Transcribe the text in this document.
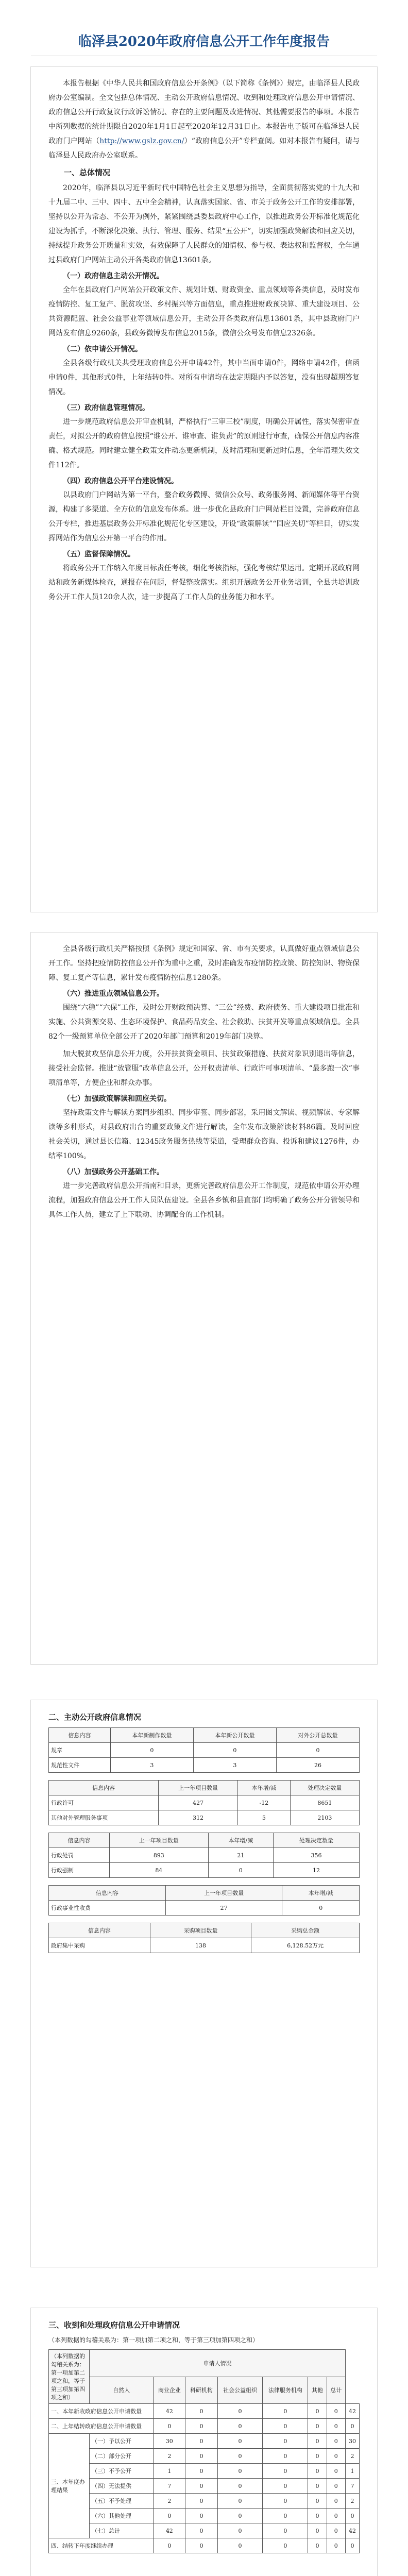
临泽县2020年政府信息公开工作年度报告

本报告根据《中华人民共和国政府信息公开条例》（以下简称《条例》）规定，由临泽县人民政府办公室编制。全文包括总体情况、主动公开政府信息情况、收到和处理政府信息公开申请情况、政府信息公开行政复议行政诉讼情况、存在的主要问题及改进情况、其他需要报告的事项。本报告中所列数据的统计期限自2020年1月1日起至2020年12月31日止。本报告电子版可在临泽县人民政府门户网站（http://www.gslz.gov.cn/）“政府信息公开”专栏查阅。如对本报告有疑问，请与临泽县人民政府办公室联系。

一、总体情况

2020年，临泽县以习近平新时代中国特色社会主义思想为指导，全面贯彻落实党的十九大和十九届二中、三中、四中、五中全会精神，认真落实国家、省、市关于政务公开工作的安排部署，坚持以公开为常态、不公开为例外，紧紧围绕县委县政府中心工作，以推进政务公开标准化规范化建设为抓手，不断深化决策、执行、管理、服务、结果“五公开”，切实加强政策解读和回应关切，持续提升政务公开质量和实效，有效保障了人民群众的知情权、参与权、表达权和监督权，全年通过县政府门户网站主动公开各类政府信息13601条。

（一）政府信息主动公开情况。

全年在县政府门户网站公开政策文件、规划计划、财政资金、重点领域等各类信息，及时发布疫情防控、复工复产、脱贫攻坚、乡村振兴等方面信息，重点推进财政预决算、重大建设项目、公共资源配置、社会公益事业等领域信息公开，主动公开各类政府信息13601条，其中县政府门户网站发布信息9260条，县政务微博发布信息2015条，微信公众号发布信息2326条。

（二）依申请公开情况。

全县各级行政机关共受理政府信息公开申请42件，其中当面申请0件，网络申请42件，信函申请0件，其他形式0件，上年结转0件。对所有申请均在法定期限内予以答复，没有出现超期答复情况。

（三）政府信息管理情况。

进一步规范政府信息公开审查机制，严格执行“三审三校”制度，明确公开属性，落实保密审查责任，对拟公开的政府信息按照“谁公开、谁审查、谁负责”的原则进行审查，确保公开信息内容准确、格式规范。同时建立健全政策文件动态更新机制，及时清理和更新过时信息，全年清理失效文件112件。

（四）政府信息公开平台建设情况。

以县政府门户网站为第一平台，整合政务微博、微信公众号、政务服务网、新闻媒体等平台资源，构建了多渠道、全方位的信息发布体系。进一步优化县政府门户网站栏目设置，完善政府信息公开专栏，推进基层政务公开标准化规范化专区建设，开设“政策解读”“回应关切”等栏目，切实发挥网站作为信息公开第一平台的作用。

（五）监督保障情况。

将政务公开工作纳入年度目标责任考核，细化考核指标，强化考核结果运用。定期开展政府网站和政务新媒体检查，通报存在问题，督促整改落实。组织开展政务公开业务培训，全县共培训政务公开工作人员120余人次，进一步提高了工作人员的业务能力和水平。

全县各级行政机关严格按照《条例》规定和国家、省、市有关要求，认真做好重点领域信息公开工作。坚持把疫情防控信息公开作为重中之重，及时准确发布疫情防控政策、防控知识、物资保障、复工复产等信息，累计发布疫情防控信息1280条。

（六）推进重点领域信息公开。

围绕“六稳”“六保”工作，及时公开财政预决算、“三公”经费、政府债务、重大建设项目批准和实施、公共资源交易、生态环境保护、食品药品安全、社会救助、扶贫开发等重点领域信息。全县82个一级预算单位全部公开了2020年部门预算和2019年部门决算。

加大脱贫攻坚信息公开力度，公开扶贫资金项目、扶贫政策措施、扶贫对象识别退出等信息，接受社会监督。推进“放管服”改革信息公开，公开权责清单、行政许可事项清单、“最多跑一次”事项清单等，方便企业和群众办事。

（七）加强政策解读和回应关切。

坚持政策文件与解读方案同步组织、同步审签、同步部署，采用图文解读、视频解读、专家解读等多种形式，对县政府出台的重要政策文件进行解读，全年发布政策解读材料86篇。及时回应社会关切，通过县长信箱、12345政务服务热线等渠道，受理群众咨询、投诉和建议1276件，办结率100%。

（八）加强政务公开基础工作。

进一步完善政府信息公开指南和目录，更新完善政府信息公开工作制度，规范依申请公开办理流程，加强政府信息公开工作人员队伍建设。全县各乡镇和县直部门均明确了政务公开分管领导和具体工作人员，建立了上下联动、协调配合的工作机制。

二、主动公开政府信息情况
信息内容	本年新制作数量	本年新公开数量	对外公开总数量
规章	0	0	0
规范性文件	3	3	26
信息内容	上一年项目数量	本年增/减	处理决定数量
行政许可	427	-12	8651
其他对外管理服务事项	312	5	2103
信息内容	上一年项目数量	本年增/减	处理决定数量
行政处罚	893	21	356
行政强制	84	0	12
信息内容	上一年项目数量	本年增/减
行政事业性收费	27	0
信息内容	采购项目数量	采购总金额
政府集中采购	138	6,128.52万元
三、收到和处理政府信息公开申请情况
（本列数据的勾稽关系为：第一项加第二项之和，等于第三项加第四项之和）
（本列数据的勾稽关系为：第一项加第二项之和，等于第三项加第四项之和）	申请人情况							
	自然人	商业企业	科研机构	社会公益组织	法律服务机构	其他	总计	
一、本年新收政府信息公开申请数量		42	0	0	0	0	0	42
二、上年结转政府信息公开申请数量		0	0	0	0	0	0	0
三、本年度办理结果	（一）予以公开	30	0	0	0	0	0	30
	（二）部分公开	2	0	0	0	0	0	2
	（三）不予公开	1	0	0	0	0	0	1
	（四）无法提供	7	0	0	0	0	0	7
	（五）不予处理	2	0	0	0	0	0	2
	（六）其他处理	0	0	0	0	0	0	0
	（七）总计	42	0	0	0	0	0	42
四、结转下年度继续办理		0	0	0	0	0	0	0
